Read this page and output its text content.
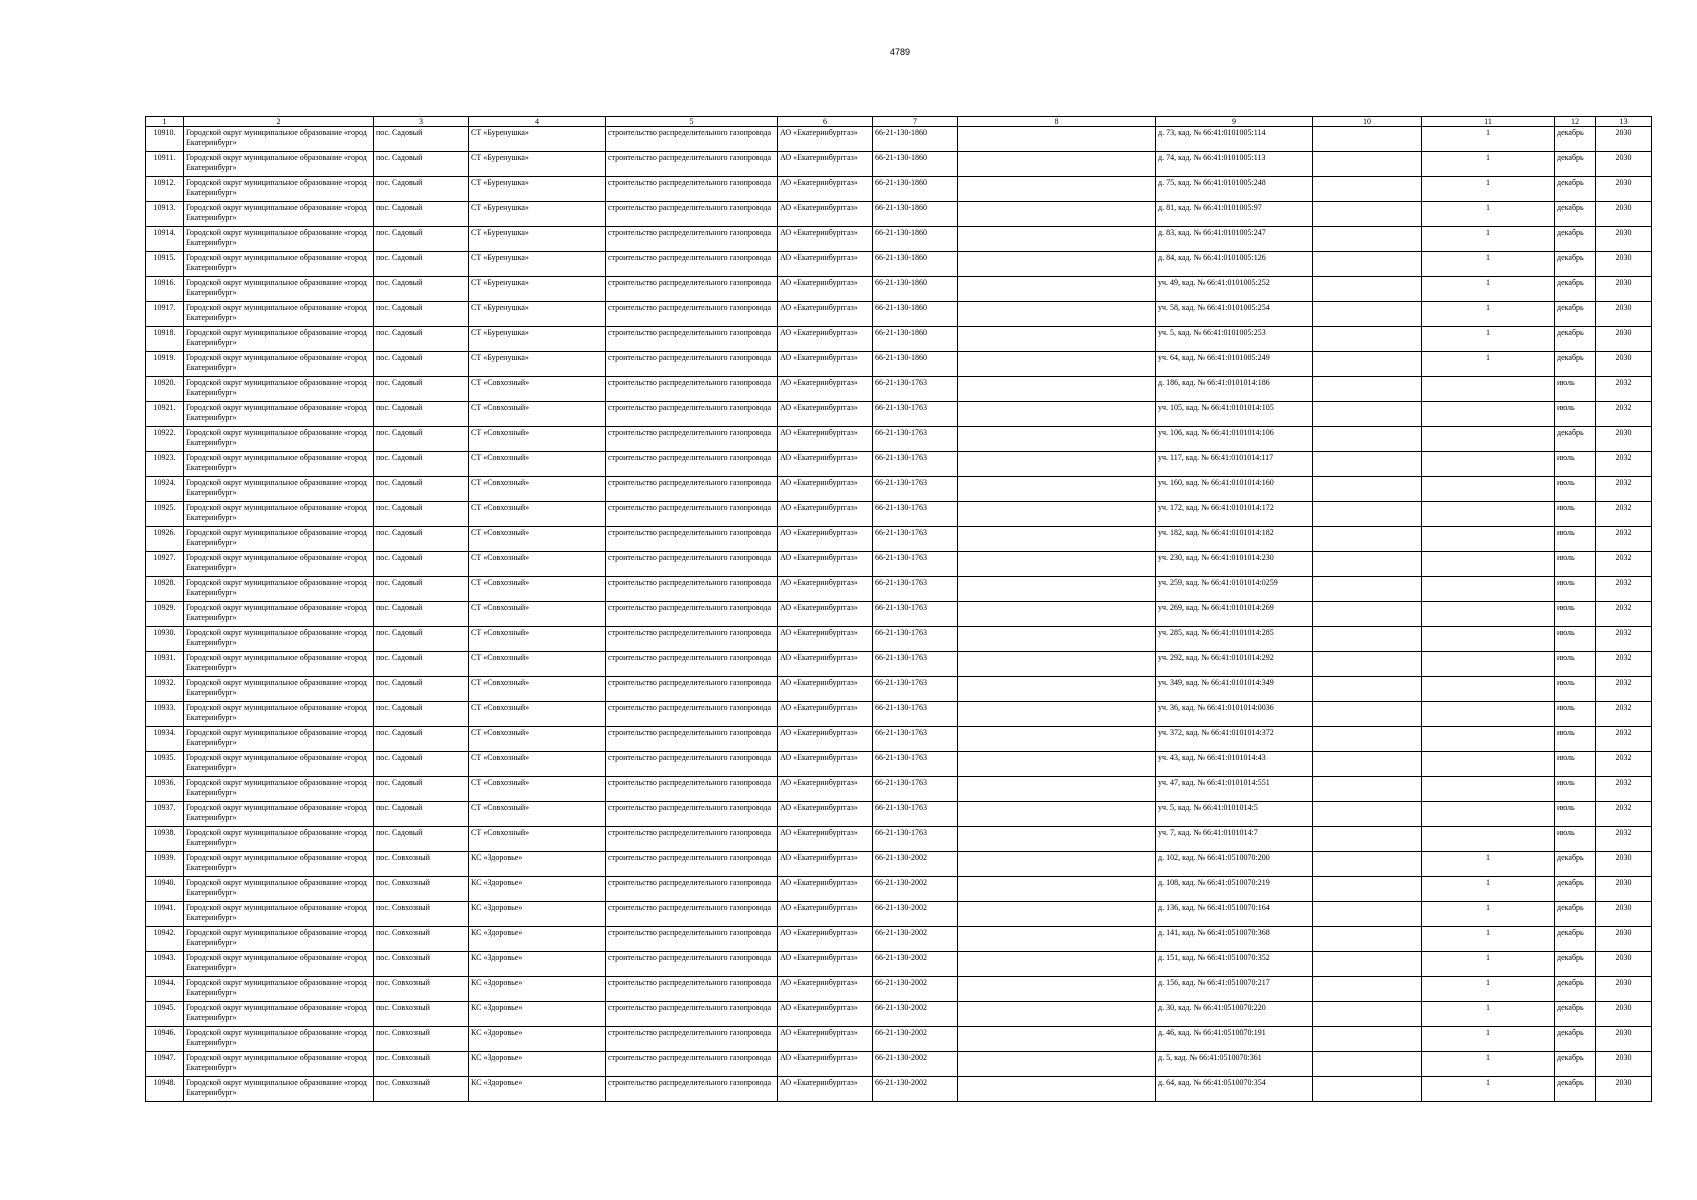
4789
1	2	3	4	5	6	7	8	9	10	11	12	13
10910.	Городской округ муниципальное образование «город Екатеринбург»	пос. Садовый	СТ «Буренушка»	строительство распределительного газопровода	АО «Екатеринбурггаз»	66-21-130-1860		д. 73, кад. № 66:41:0101005:114		1	декабрь	2030
10911.	Городской округ муниципальное образование «город Екатеринбург»	пос. Садовый	СТ «Буренушка»	строительство распределительного газопровода	АО «Екатеринбурггаз»	66-21-130-1860		д. 74, кад. № 66:41:0101005:113		1	декабрь	2030
10912.	Городской округ муниципальное образование «город Екатеринбург»	пос. Садовый	СТ «Буренушка»	строительство распределительного газопровода	АО «Екатеринбурггаз»	66-21-130-1860		д. 75, кад. № 66:41:0101005:248		1	декабрь	2030
10913.	Городской округ муниципальное образование «город Екатеринбург»	пос. Садовый	СТ «Буренушка»	строительство распределительного газопровода	АО «Екатеринбурггаз»	66-21-130-1860		д. 81, кад. № 66:41:0101005:97		1	декабрь	2030
10914.	Городской округ муниципальное образование «город Екатеринбург»	пос. Садовый	СТ «Буренушка»	строительство распределительного газопровода	АО «Екатеринбурггаз»	66-21-130-1860		д. 83, кад. № 66:41:0101005:247		1	декабрь	2030
10915.	Городской округ муниципальное образование «город Екатеринбург»	пос. Садовый	СТ «Буренушка»	строительство распределительного газопровода	АО «Екатеринбурггаз»	66-21-130-1860		д. 84, кад. № 66:41:0101005:126		1	декабрь	2030
10916.	Городской округ муниципальное образование «город Екатеринбург»	пос. Садовый	СТ «Буренушка»	строительство распределительного газопровода	АО «Екатеринбурггаз»	66-21-130-1860		уч. 49, кад. № 66:41:0101005:252		1	декабрь	2030
10917.	Городской округ муниципальное образование «город Екатеринбург»	пос. Садовый	СТ «Буренушка»	строительство распределительного газопровода	АО «Екатеринбурггаз»	66-21-130-1860		уч. 58, кад. № 66:41:0101005:254		1	декабрь	2030
10918.	Городской округ муниципальное образование «город Екатеринбург»	пос. Садовый	СТ «Буренушка»	строительство распределительного газопровода	АО «Екатеринбурггаз»	66-21-130-1860		уч. 5, кад. № 66:41:0101005:253		1	декабрь	2030
10919.	Городской округ муниципальное образование «город Екатеринбург»	пос. Садовый	СТ «Буренушка»	строительство распределительного газопровода	АО «Екатеринбурггаз»	66-21-130-1860		уч. 64, кад. № 66:41:0101005:249		1	декабрь	2030
10920.	Городской округ муниципальное образование «город Екатеринбург»	пос. Садовый	СТ «Совхозный»	строительство распределительного газопровода	АО «Екатеринбурггаз»	66-21-130-1763		д. 186, кад. № 66:41:0101014:186			июль	2032
10921.	Городской округ муниципальное образование «город Екатеринбург»	пос. Садовый	СТ «Совхозный»	строительство распределительного газопровода	АО «Екатеринбурггаз»	66-21-130-1763		уч. 105, кад. № 66:41:0101014:105			июль	2032
10922.	Городской округ муниципальное образование «город Екатеринбург»	пос. Садовый	СТ «Совхозный»	строительство распределительного газопровода	АО «Екатеринбурггаз»	66-21-130-1763		уч. 106, кад. № 66:41:0101014:106			декабрь	2030
10923.	Городской округ муниципальное образование «город Екатеринбург»	пос. Садовый	СТ «Совхозный»	строительство распределительного газопровода	АО «Екатеринбурггаз»	66-21-130-1763		уч. 117, кад. № 66:41:0101014:117			июль	2032
10924.	Городской округ муниципальное образование «город Екатеринбург»	пос. Садовый	СТ «Совхозный»	строительство распределительного газопровода	АО «Екатеринбурггаз»	66-21-130-1763		уч. 160, кад. № 66:41:0101014:160			июль	2032
10925.	Городской округ муниципальное образование «город Екатеринбург»	пос. Садовый	СТ «Совхозный»	строительство распределительного газопровода	АО «Екатеринбурггаз»	66-21-130-1763		уч. 172, кад. № 66:41:0101014:172			июль	2032
10926.	Городской округ муниципальное образование «город Екатеринбург»	пос. Садовый	СТ «Совхозный»	строительство распределительного газопровода	АО «Екатеринбурггаз»	66-21-130-1763		уч. 182, кад. № 66:41:0101014:182			июль	2032
10927.	Городской округ муниципальное образование «город Екатеринбург»	пос. Садовый	СТ «Совхозный»	строительство распределительного газопровода	АО «Екатеринбурггаз»	66-21-130-1763		уч. 230, кад. № 66:41:0101014:230			июль	2032
10928.	Городской округ муниципальное образование «город Екатеринбург»	пос. Садовый	СТ «Совхозный»	строительство распределительного газопровода	АО «Екатеринбурггаз»	66-21-130-1763		уч. 259, кад. № 66:41:0101014:0259			июль	2032
10929.	Городской округ муниципальное образование «город Екатеринбург»	пос. Садовый	СТ «Совхозный»	строительство распределительного газопровода	АО «Екатеринбурггаз»	66-21-130-1763		уч. 269, кад. № 66:41:0101014:269			июль	2032
10930.	Городской округ муниципальное образование «город Екатеринбург»	пос. Садовый	СТ «Совхозный»	строительство распределительного газопровода	АО «Екатеринбурггаз»	66-21-130-1763		уч. 285, кад. № 66:41:0101014:285			июль	2032
10931.	Городской округ муниципальное образование «город Екатеринбург»	пос. Садовый	СТ «Совхозный»	строительство распределительного газопровода	АО «Екатеринбурггаз»	66-21-130-1763		уч. 292, кад. № 66:41:0101014:292			июль	2032
10932.	Городской округ муниципальное образование «город Екатеринбург»	пос. Садовый	СТ «Совхозный»	строительство распределительного газопровода	АО «Екатеринбурггаз»	66-21-130-1763		уч. 349, кад. № 66:41:0101014:349			июль	2032
10933.	Городской округ муниципальное образование «город Екатеринбург»	пос. Садовый	СТ «Совхозный»	строительство распределительного газопровода	АО «Екатеринбурггаз»	66-21-130-1763		уч. 36, кад. № 66:41:0101014:0036			июль	2032
10934.	Городской округ муниципальное образование «город Екатеринбург»	пос. Садовый	СТ «Совхозный»	строительство распределительного газопровода	АО «Екатеринбурггаз»	66-21-130-1763		уч. 372, кад. № 66:41:0101014:372			июль	2032
10935.	Городской округ муниципальное образование «город Екатеринбург»	пос. Садовый	СТ «Совхозный»	строительство распределительного газопровода	АО «Екатеринбурггаз»	66-21-130-1763		уч. 43, кад. № 66:41:0101014:43			июль	2032
10936.	Городской округ муниципальное образование «город Екатеринбург»	пос. Садовый	СТ «Совхозный»	строительство распределительного газопровода	АО «Екатеринбурггаз»	66-21-130-1763		уч. 47, кад. № 66:41:0101014:551			июль	2032
10937.	Городской округ муниципальное образование «город Екатеринбург»	пос. Садовый	СТ «Совхозный»	строительство распределительного газопровода	АО «Екатеринбурггаз»	66-21-130-1763		уч. 5, кад. № 66:41:0101014:5			июль	2032
10938.	Городской округ муниципальное образование «город Екатеринбург»	пос. Садовый	СТ «Совхозный»	строительство распределительного газопровода	АО «Екатеринбурггаз»	66-21-130-1763		уч. 7, кад. № 66:41:0101014:7			июль	2032
10939.	Городской округ муниципальное образование «город Екатеринбург»	пос. Совхозный	КС «Здоровье»	строительство распределительного газопровода	АО «Екатеринбурггаз»	66-21-130-2002		д. 102, кад. № 66:41:0510070:200		1	декабрь	2030
10940.	Городской округ муниципальное образование «город Екатеринбург»	пос. Совхозный	КС «Здоровье»	строительство распределительного газопровода	АО «Екатеринбурггаз»	66-21-130-2002		д. 108, кад. № 66:41:0510070:219		1	декабрь	2030
10941.	Городской округ муниципальное образование «город Екатеринбург»	пос. Совхозный	КС «Здоровье»	строительство распределительного газопровода	АО «Екатеринбурггаз»	66-21-130-2002		д. 136, кад. № 66:41:0510070:164		1	декабрь	2030
10942.	Городской округ муниципальное образование «город Екатеринбург»	пос. Совхозный	КС «Здоровье»	строительство распределительного газопровода	АО «Екатеринбурггаз»	66-21-130-2002		д. 141, кад. № 66:41:0510070:368		1	декабрь	2030
10943.	Городской округ муниципальное образование «город Екатеринбург»	пос. Совхозный	КС «Здоровье»	строительство распределительного газопровода	АО «Екатеринбурггаз»	66-21-130-2002		д. 151, кад. № 66:41:0510070:352		1	декабрь	2030
10944.	Городской округ муниципальное образование «город Екатеринбург»	пос. Совхозный	КС «Здоровье»	строительство распределительного газопровода	АО «Екатеринбурггаз»	66-21-130-2002		д. 156, кад. № 66:41:0510070:217		1	декабрь	2030
10945.	Городской округ муниципальное образование «город Екатеринбург»	пос. Совхозный	КС «Здоровье»	строительство распределительного газопровода	АО «Екатеринбурггаз»	66-21-130-2002		д. 30, кад. № 66:41:0510070:220		1	декабрь	2030
10946.	Городской округ муниципальное образование «город Екатеринбург»	пос. Совхозный	КС «Здоровье»	строительство распределительного газопровода	АО «Екатеринбурггаз»	66-21-130-2002		д. 46, кад. № 66:41:0510070:191		1	декабрь	2030
10947.	Городской округ муниципальное образование «город Екатеринбург»	пос. Совхозный	КС «Здоровье»	строительство распределительного газопровода	АО «Екатеринбурггаз»	66-21-130-2002		д. 5, кад. № 66:41:0510070:361		1	декабрь	2030
10948.	Городской округ муниципальное образование «город Екатеринбург»	пос. Совхозный	КС «Здоровье»	строительство распределительного газопровода	АО «Екатеринбурггаз»	66-21-130-2002		д. 64, кад. № 66:41:0510070:354		1	декабрь	2030
